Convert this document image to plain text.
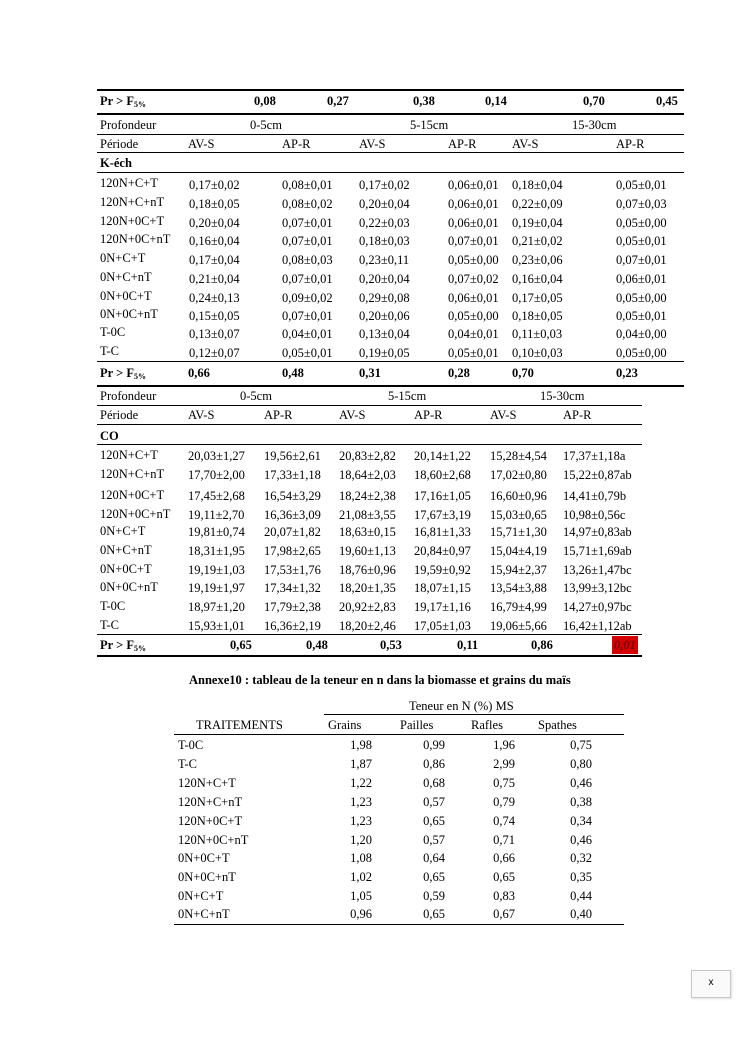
$Pr > F_{5\%}$	0,08	0,27	0,38	0,14	0,70	0,45
Profondeur	0-5cm	5-15cm	15-30cm
Période	AV-S	AP-R	AV-S	AP-R	AV-S	AP-R
K-éch
120N+C+T 0,17±0,02	0,08±0,01 0,17±0,02	0,06±0,01 0,18±0,04	0,05±0,01
120N+C+nT 0,18±0,05	0,08±0,02 0,20±0,04	0,06±0,01 0,22±0,09	0,07±0,03
120N+0C+T 0,20±0,04	0,07±0,01 0,22±0,03	0,06±0,01 0,19±0,04	0,05±0,00
120N+0C+nT 0,16±0,04	0,07±0,01 0,18±0,03	0,07±0,01 0,21±0,02	0,05±0,01
0N+C+T	0,17±0,04	0,08±0,03 0,23±0,11	0,05±0,00 0,23±0,06	0,07±0,01
0N+C+nT	0,21±0,04	0,07±0,01 0,20±0,04	0,07±0,02 0,16±0,04	0,06±0,01
0N+0C+T	0,24±0,13	0,09±0,02 0,29±0,08	0,06±0,01 0,17±0,05	0,05±0,00
0N+0C+nT 0,15±0,05	0,07±0,01 0,20±0,06	0,05±0,00 0,18±0,05	0,05±0,01
T-0C	0,13±0,07	0,04±0,01 0,13±0,04	0,04±0,01 0,11±0,03	0,04±0,00
T-C	0,12±0,07	0,05±0,01 0,19±0,05	0,05±0,01 0,10±0,03	0,05±0,00
$Pr > F_{5\%}$	0,66	0,48	0,31	0,28	0,70	0,23
Profondeur	0-5cm	5-15cm	15-30cm
Période	AV-S	AP-R	AV-S	AP-R	AV-S	AP-R
CO
120N+C+T 20,03±1,27 19,56±2,61 20,83±2,82 20,14±1,22 15,28±4,54 17,37±1,18a
120N+C+nT 17,70±2,00 17,33±1,18 18,64±2,03 18,60±2,68 17,02±0,80 15,22±0,87ab
120N+0C+T 17,45±2,68 16,54±3,29 18,24±2,38 17,16±1,05 16,60±0,96 14,41±0,79b
120N+0C+nT 19,11±2,70 16,36±3,09 21,08±3,55 17,67±3,19 15,03±0,65 10,98±0,56c
0N+C+T	19,81±0,74 20,07±1,82 18,63±0,15 16,81±1,33 15,71±1,30 14,97±0,83ab
0N+C+nT	18,31±1,95 17,98±2,65 19,60±1,13 20,84±0,97 15,04±4,19 15,71±1,69ab
0N+0C+T	19,19±1,03 17,53±1,76 18,76±0,96 19,59±0,92 15,94±2,37 13,26±1,47bc
0N+0C+nT 19,19±1,97 17,34±1,32 18,20±1,35 18,07±1,15 13,54±3,88 13,99±3,12bc
T-0C	18,97±1,20 17,79±2,38 20,92±2,83 19,17±1,16 16,79±4,99 14,27±0,97bc
T-C	15,93±1,01 16,36±2,19 18,20±2,46 17,05±1,03 19,06±5,66 16,42±1,12ab
$Pr > F_{5\%}$	0,65	0,48	0,53	0,11	0,86	0,01
Annexe10 : tableau de la teneur en n dans la biomasse et grains du maïs
Teneur en N (%) MS
TRAITEMENTS	Grains	Pailles	Rafles	Spathes
T-0C	1,98	0,99	1,96	0,75
T-C	1,87	0,86	2,99	0,80
120N+C+T	1,22	0,68	0,75	0,46
120N+C+nT	1,23	0,57	0,79	0,38
120N+0C+T	1,23	0,65	0,74	0,34
120N+0C+nT	1,20	0,57	0,71	0,46
0N+0C+T	1,08	0,64	0,66	0,32
0N+0C+nT	1,02	0,65	0,65	0,35
0N+C+T	1,05	0,59	0,83	0,44
0N+C+nT	0,96	0,65	0,67	0,40
x
